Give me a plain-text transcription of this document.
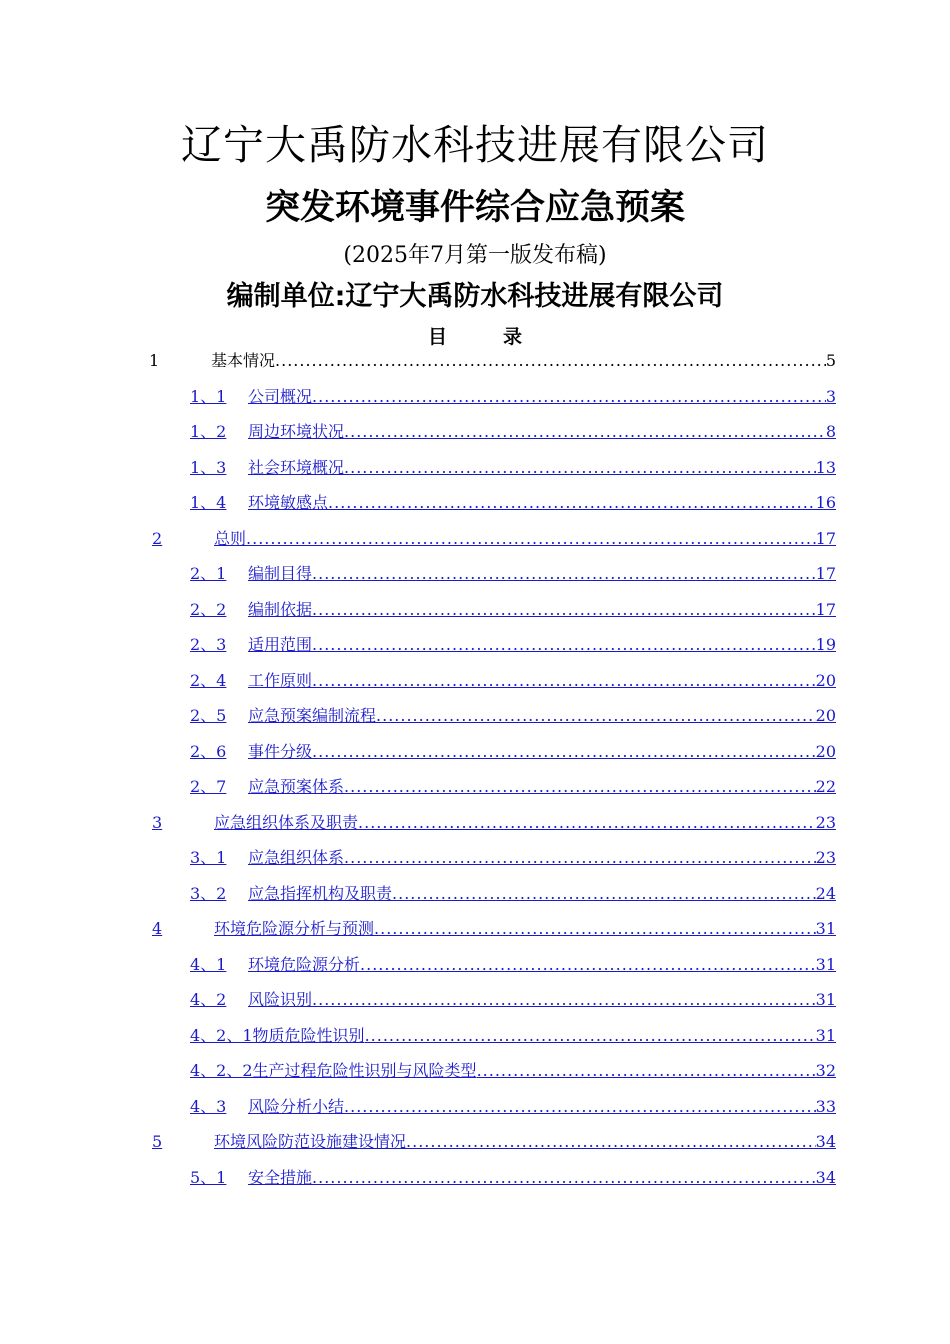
辽宁大禹防水科技进展有限公司
突发环境事件综合应急预案
(2025年7月第一版发布稿)
编制单位:辽宁大禹防水科技进展有限公司
目	录
1	基本情况 .....	5
1、1	公司概况 .....	3
1、2	周边环境状况 .....	8
1、3	社会环境概况 .....	13
1、4	环境敏感点 .....	16
2	总则 .....	17
2、1	编制目得 .....	17
2、2	编制依据 .....	17
2、3	适用范围 .....	19
2、4	工作原则 .....	20
2、5	应急预案编制流程 .....	20
2、6	事件分级 .....	20
2、7	应急预案体系 .....	22
3	应急组织体系及职责 .....	23
3、1	应急组织体系 .....	23
3、2	应急指挥机构及职责 .....	24
4	环境危险源分析与预测 .....	31
4、1	环境危险源分析 .....	31
4、2	风险识别 .....	31
4、2、1 物质危险性识别 .....	31
4、2、2 生产过程危险性识别与风险类型 .....	32
4、3	风险分析小结 .....	33
5	环境风险防范设施建设情况 .....	34
5、1	安全措施 .....	34
